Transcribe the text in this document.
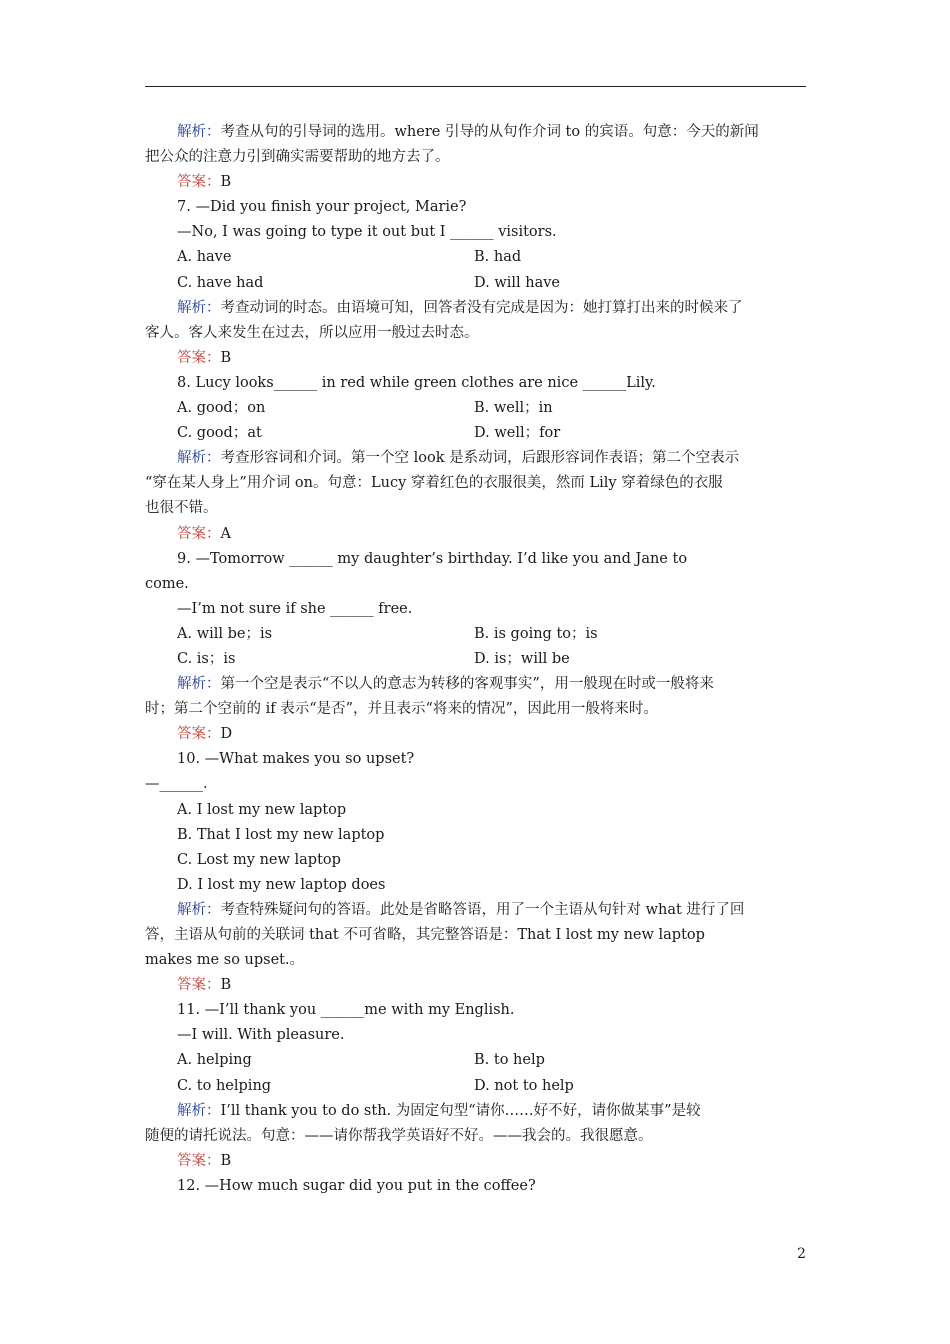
解析：考查从句的引导词的选用。where 引导的从句作介词 to 的宾语。句意：今天的新闻
把公众的注意力引到确实需要帮助的地方去了。
答案：B
7. —Did you finish your project, Marie?
—No, I was going to type it out but I ______ visitors.
A. have	B. had
C. have had	D. will have
解析：考查动词的时态。由语境可知，回答者没有完成是因为：她打算打出来的时候来了
客人。客人来发生在过去，所以应用一般过去时态。
答案：B
8. Lucy looks______ in red while green clothes are nice ______Lily.
A. good；on	B. well；in
C. good；at	D. well；for
解析：考查形容词和介词。第一个空 look 是系动词，后跟形容词作表语；第二个空表示
“穿在某人身上”用介词 on。句意：Lucy 穿着红色的衣服很美，然而 Lily 穿着绿色的衣服
也很不错。
答案：A
9. —Tomorrow ______ my daughter’s birthday. I’d like you and Jane to
come.
—I’m not sure if she ______ free.
A. will be；is	B. is going to；is
C. is；is	D. is；will be
解析：第一个空是表示“不以人的意志为转移的客观事实”，用一般现在时或一般将来
时；第二个空前的 if 表示“是否”，并且表示“将来的情况”，因此用一般将来时。
答案：D
10. —What makes you so upset?
—______.
A. I lost my new laptop
B. That I lost my new laptop
C. Lost my new laptop
D. I lost my new laptop does
解析：考查特殊疑问句的答语。此处是省略答语，用了一个主语从句针对 what 进行了回
答，主语从句前的关联词 that 不可省略，其完整答语是：That I lost my new laptop
makes me so upset.。
答案：B
11. —I’ll thank you ______me with my English.
—I will. With pleasure.
A. helping	B. to help
C. to helping	D. not to help
解析：I’ll thank you to do sth. 为固定句型“请你……好不好，请你做某事”是较
随便的请托说法。句意：——请你帮我学英语好不好。——我会的。我很愿意。
答案：B
12. —How much sugar did you put in the coffee?
2
